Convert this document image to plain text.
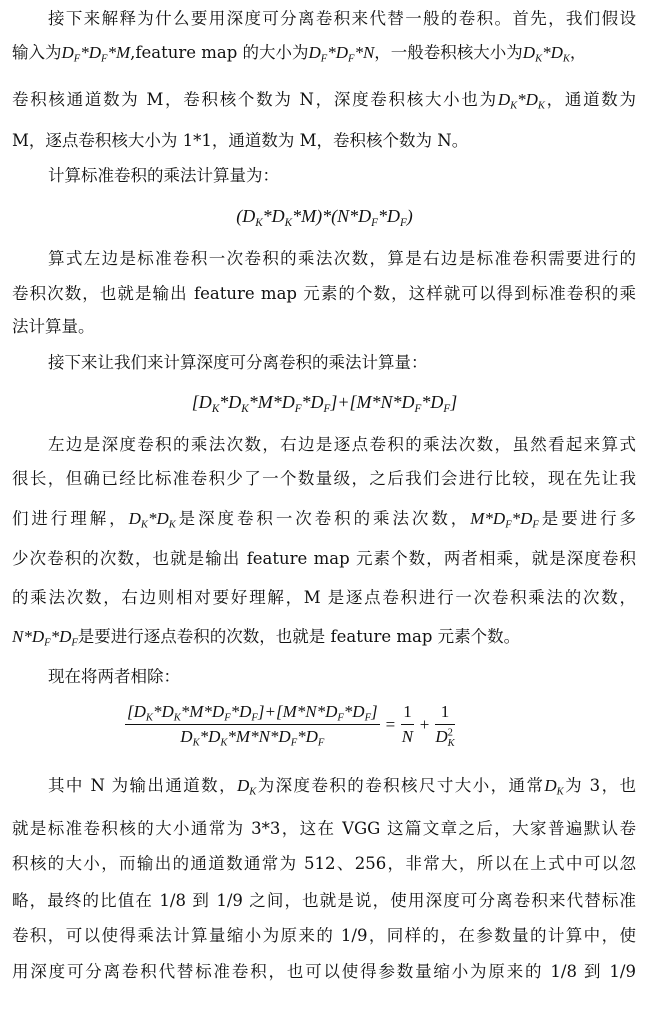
接下来解释为什么要用深度可分离卷积来代替一般的卷积。首先，我们假设
输入为$D_F*D_F*M,feature$ map 的大小为$D_F*D_F*N$，一般卷积核大小为$D_K*D_K$，
卷积核通道数为 M，卷积核个数为 N，深度卷积核大小也为$D_K*D_K$，通道数为
M，逐点卷积核大小为 1*1，通道数为 M，卷积核个数为 N。
计算标准卷积的乘法计算量为：
$(D_K*D_K*M)*(N*D_F*D_F)$
算式左边是标准卷积一次卷积的乘法次数，算是右边是标准卷积需要进行的
卷积次数，也就是输出 feature map 元素的个数，这样就可以得到标准卷积的乘
法计算量。
接下来让我们来计算深度可分离卷积的乘法计算量：
$[D_K*D_K*M*D_F*D_F]+[M*N*D_F*D_F]$
左边是深度卷积的乘法次数，右边是逐点卷积的乘法次数，虽然看起来算式
很长，但确已经比标准卷积少了一个数量级，之后我们会进行比较，现在先让我
们进行理解，$D_K*D_K$是深度卷积一次卷积的乘法次数，$M*D_F*D_F$是要进行多
少次卷积的次数，也就是输出 feature map 元素个数，两者相乘，就是深度卷积
的乘法次数，右边则相对要好理解，M 是逐点卷积进行一次卷积乘法的次数，
$N*D_F*D_F$是要进行逐点卷积的次数，也就是 feature map 元素个数。
现在将两者相除：
$\frac{[D_K*D_K*M*D_F*D_F]+[M*N*D_F*D_F]}{D_K*D_K*M*N*D_F*D_F} = \frac{1}{N} + \frac{1}{D^2_K}$
其中 N 为输出通道数，$D_K$为深度卷积的卷积核尺寸大小，通常$D_K$为 3，也
就是标准卷积核的大小通常为 3*3，这在 VGG 这篇文章之后，大家普遍默认卷
积核的大小，而输出的通道数通常为 512、256，非常大，所以在上式中可以忽
略，最终的比值在 1/8 到 1/9 之间，也就是说，使用深度可分离卷积来代替标准
卷积，可以使得乘法计算量缩小为原来的 1/9，同样的，在参数量的计算中，使
用深度可分离卷积代替标准卷积，也可以使得参数量缩小为原来的 1/8 到 1/9
